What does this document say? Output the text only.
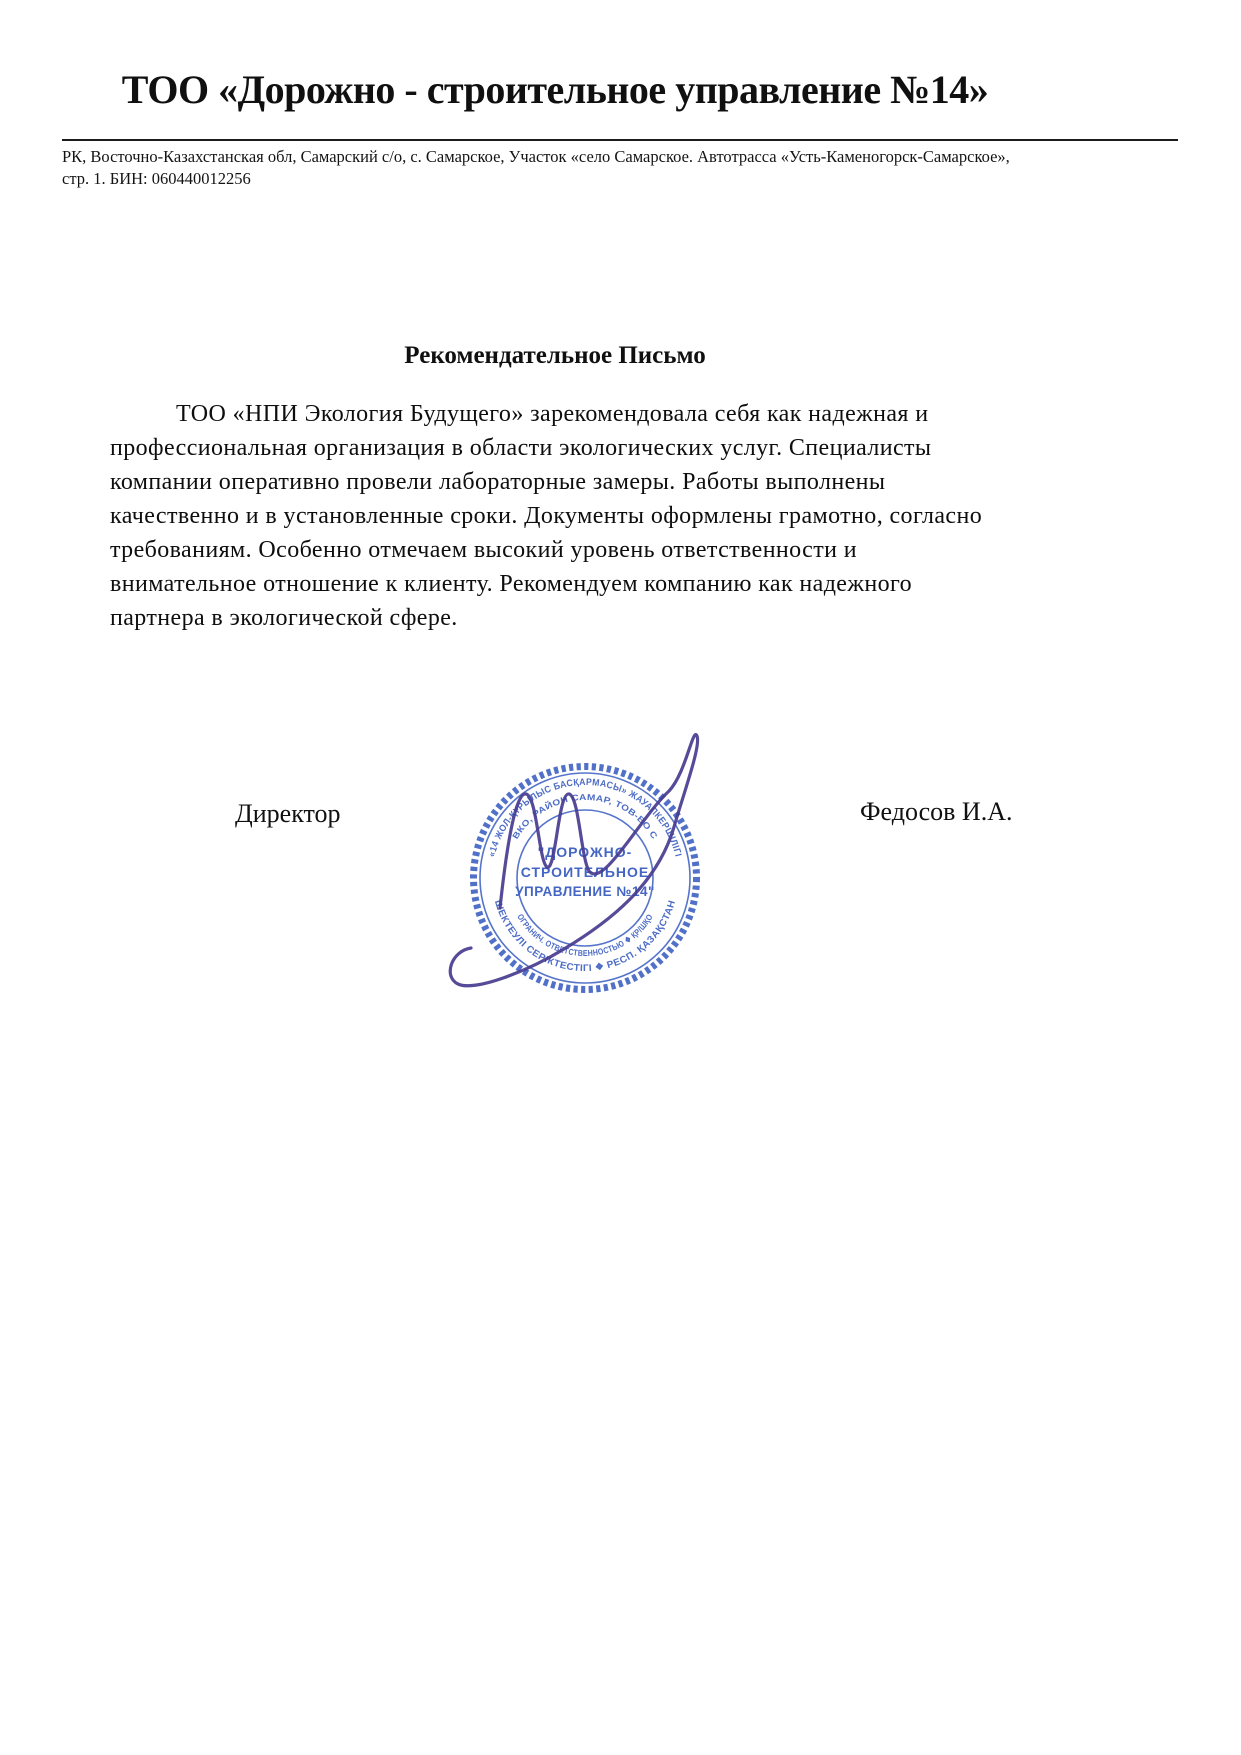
ТОО «Дорожно - строительное управление №14»
РК, Восточно-Казахстанская обл, Самарский с/о, с. Самарское, Участок «село Самарское. Автотрасса «Усть-Каменогорск-Самарское»,
стр. 1. БИН: 060440012256
Рекомендательное Письмо
ТОО «НПИ Экология Будущего» зарекомендовала себя как надежная и
профессиональная организация в области экологических услуг. Специалисты
компании оперативно провели лабораторные замеры. Работы выполнены
качественно и в установленные сроки. Документы оформлены грамотно, согласно
требованиям. Особенно отмечаем высокий уровень ответственности и
внимательное отношение к клиенту. Рекомендуем компанию как надежного
партнера в экологической сфере.
Директор	Федосов И.А.
«14 ЖОЛ-ҚҰРЫЛЫС БАСҚАРМАСЫ» ЖАУАПКЕРШІЛІГІ
ШЕКТЕУЛІ СЕРІКТЕСТІГІ ❖ РЕСП. ҚАЗАҚСТАН
ВКО, РАЙОН САМАР, ТОВ-ВО С
ОГРАНИЧ. ОТВЕТСТВЕННОСТЬЮ ❖ ҚР/ШҚО
"ДОРОЖНО-
СТРОИТЕЛЬНОЕ
УПРАВЛЕНИЕ №14"
